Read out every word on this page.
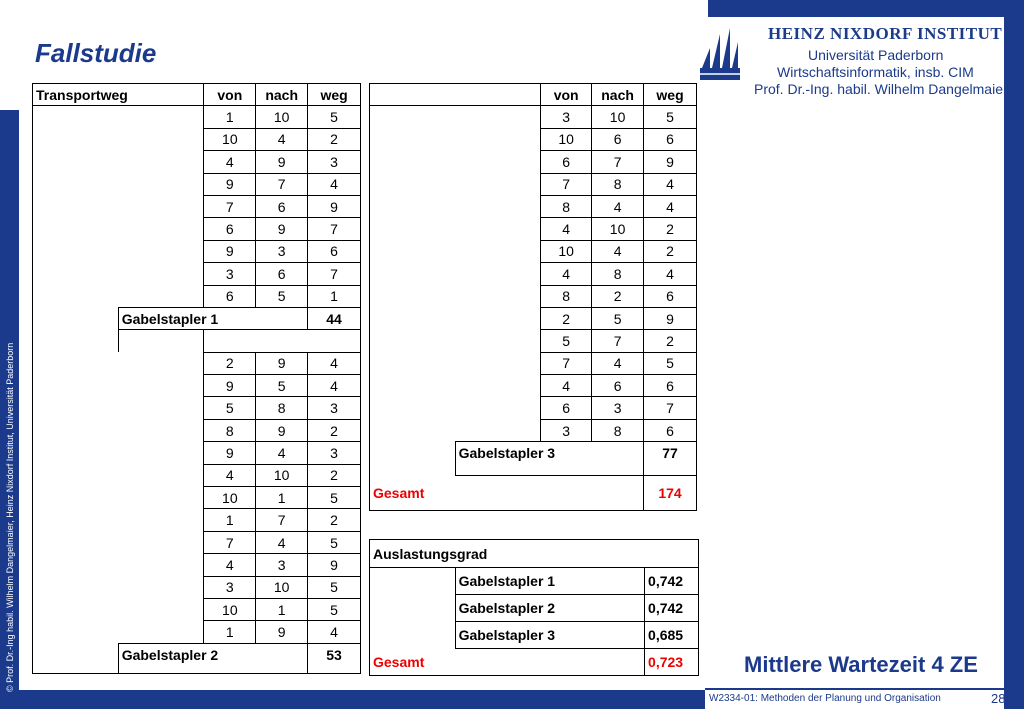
© Prof. Dr.-Ing habil. Wilhelm Dangelmaier, Heinz Nixdorf Institut, Universität Paderborn
Fallstudie
HEINZ NIXDORF INSTITUT
Universität Paderborn
Wirtschaftsinformatik, insb. CIM
Prof. Dr.-Ing. habil. Wilhelm Dangelmaier
Transportweg		von	nach	weg
		1	10	5
		10	4	2
		4	9	3
		9	7	4
		7	6	9
		6	9	7
		9	3	6
		3	6	7
		6	5	1
	Gabelstapler 1			44

		2	9	4
		9	5	4
		5	8	3
		8	9	2
		9	4	3
		4	10	2
		10	1	5
		1	7	2
		7	4	5
		4	3	9
		3	10	5
		10	1	5
		1	9	4
	Gabelstapler 2			53
		von	nach	weg
		3	10	5
		10	6	6
		6	7	9
		7	8	4
		8	4	4
		4	10	2
		10	4	2
		4	8	4
		8	2	6
		2	5	9
		5	7	2
		7	4	5
		4	6	6
		6	3	7
		3	8	6
	Gabelstapler 3			77
Gesamt				174
Auslastungsgrad		
	Gabelstapler 1	0,742
	Gabelstapler 2	0,742
	Gabelstapler 3	0,685
Gesamt		0,723	Mittlere Wartezeit 4 ZE
W2334-01: Methoden der Planung und Organisation	28
